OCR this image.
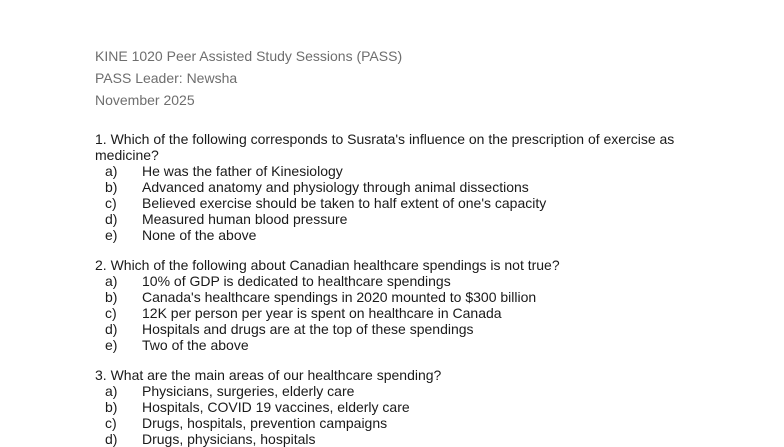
KINE 1020 Peer Assisted Study Sessions (PASS)
PASS Leader: Newsha
November 2025
1. Which of the following corresponds to Susrata's influence on the prescription of exercise as medicine?
a)	He was the father of Kinesiology
b)	Advanced anatomy and physiology through animal dissections
c)	Believed exercise should be taken to half extent of one's capacity
d)	Measured human blood pressure
e)	None of the above
2. Which of the following about Canadian healthcare spendings is not true?
a)	10% of GDP is dedicated to healthcare spendings
b)	Canada's healthcare spendings in 2020 mounted to $300 billion
c)	12K per person per year is spent on healthcare in Canada
d)	Hospitals and drugs are at the top of these spendings
e)	Two of the above
3. What are the main areas of our healthcare spending?
a)	Physicians, surgeries, elderly care
b)	Hospitals, COVID 19 vaccines, elderly care
c)	Drugs, hospitals, prevention campaigns
d)	Drugs, physicians, hospitals
